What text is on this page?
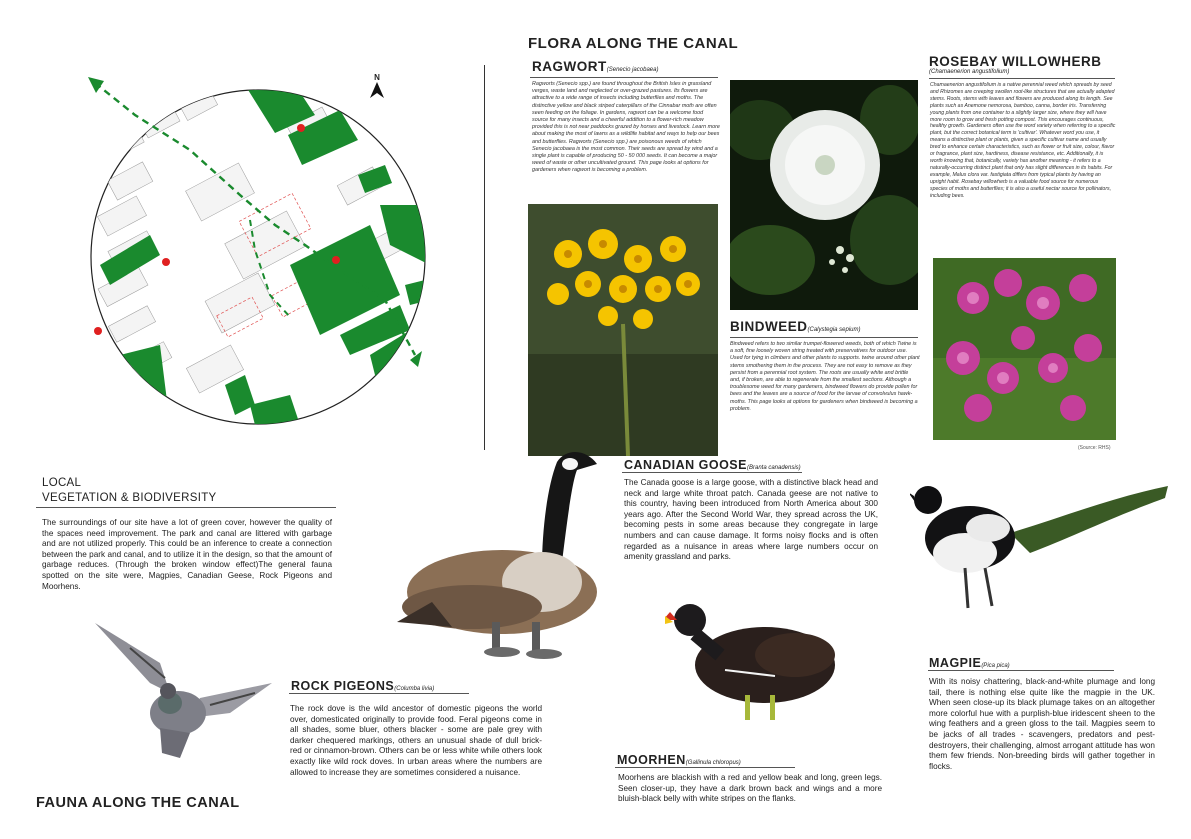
N
FLORA ALONG THE CANAL
RAGWORT(Senecio jacobaea)
Ragworts (Senecio spp.) are found throughout the British Isles in grassland verges, waste land and neglected or over-grazed pastures. Its flowers are attractive to a wide range of insects including butterflies and moths. The distinctive yellow and black striped caterpillars of the Cinnabar moth are often seen feeding on the foliage. In gardens, ragwort can be a welcome food source for many insects and a cheerful addition to a flower-rich meadow provided this is not near paddocks grazed by horses and livestock. Learn more about making the most of lawns as a wildlife habitat and ways to help our bees and butterflies. Ragworts (Senecio spp.) are poisonous weeds of which Senecio jacobaea is the most common. Their seeds are spread by wind and a single plant is capable of producing 50 - 50 000 seeds. It can become a major weed of waste or other uncultivated ground. This page looks at options for gardeners when ragwort is becoming a problem.
BINDWEED(Calystegia sepium)
Bindweed refers to two similar trumpet-flowered weeds, both of which Twine is a soft, fine loosely woven string treated with preservatives for outdoor use. Used for tying in climbers and other plants to supports. twine around other plant stems smothering them in the process. They are not easy to remove as they persist from a perennial root system. The roots are usually white and brittle and, if broken, are able to regenerate from the smallest sections. Although a troublesome weed for many gardeners, bindweed flowers do provide pollen for bees and the leaves are a source of food for the larvae of convolvulus hawk-moths. This page looks at options for gardeners when bindweed is becoming a problem.
ROSEBAY WILLOWHERB
(Chamaenerion angustifolium)
Chamaenerion angustifolium is a native perennial weed which spreads by seed and Rhizomes are creeping swollen root-like structures that are actually adapted stems. Roots, stems with leaves and flowers are produced along its length. See plants such as Anemone nemorosa, bamboo, canna, border iris. Transferring young plants from one container to a slightly larger size, where they will have more room to grow and fresh potting compost. This encourages continuous, healthy growth. Gardeners often use the word variety when referring to a specific plant, but the correct botanical term is 'cultivar'. Whatever word you use, it means a distinctive plant or plants, given a specific cultivar name and usually bred to enhance certain characteristics, such as flower or fruit size, colour, flavor or fragrance, plant size, hardiness, disease resistance, etc. Additionally, it is worth knowing that, botanically, variety has another meaning - it refers to a naturally-occurring distinct plant that only has slight differences in its habits. For example, Malus clora var. fastigiata differs from typical plants by having an upright habit. Rosebay willowherb is a valuable food source for numerous species of moths and butterflies; it is also a useful nectar source for pollinators, including bees.
(Source: RHS)
LOCAL
VEGETATION & BIODIVERSITY
The surroundings of our site have a lot of green cover, however the quality of the spaces need improvement. The park and canal are littered with garbage and are not utilized properly. This could be an inference to create a connection between the park and canal, and to utilize it in the design, so that the amount of garbage reduces. (Through the broken window effect)The general fauna spotted on the site were, Magpies, Canadian Geese, Rock Pigeons and Moorhens.
ROCK PIGEONS(Columba livia)
The rock dove is the wild ancestor of domestic pigeons the world over, domesticated originally to provide food. Feral pigeons come in all shades, some bluer, others blacker - some are pale grey with darker chequered markings, others an unusual shade of dull brick-red or cinnamon-brown. Others can be or less white while others look exactly like wild rock doves. In urban areas where the numbers are allowed to increase they are sometimes considered a nuisance.
FAUNA ALONG THE CANAL
CANADIAN GOOSE(Branta canadensis)
The Canada goose is a large goose, with a distinctive black head and neck and large white throat patch. Canada geese are not native to this country, having been introduced from North America about 300 years ago. After the Second World War, they spread across the UK, becoming pests in some areas because they congregate in large numbers and can cause damage. It forms noisy flocks and is often regarded as a nuisance in areas where large numbers occur on amenity grassland and parks.
MOORHEN(Gallinula chloropus)
Moorhens are blackish with a red and yellow beak and long, green legs. Seen closer-up, they have a dark brown back and wings and a more bluish-black belly with white stripes on the flanks.
MAGPIE(Pica pica)
With its noisy chattering, black-and-white plumage and long tail, there is nothing else quite like the magpie in the UK. When seen close-up its black plumage takes on an altogether more colorful hue with a purplish-blue iridescent sheen to the wing feathers and a green gloss to the tail. Magpies seem to be jacks of all trades - scavengers, predators and pest-destroyers, their challenging, almost arrogant attitude has won them few friends. Non-breeding birds will gather together in flocks.
